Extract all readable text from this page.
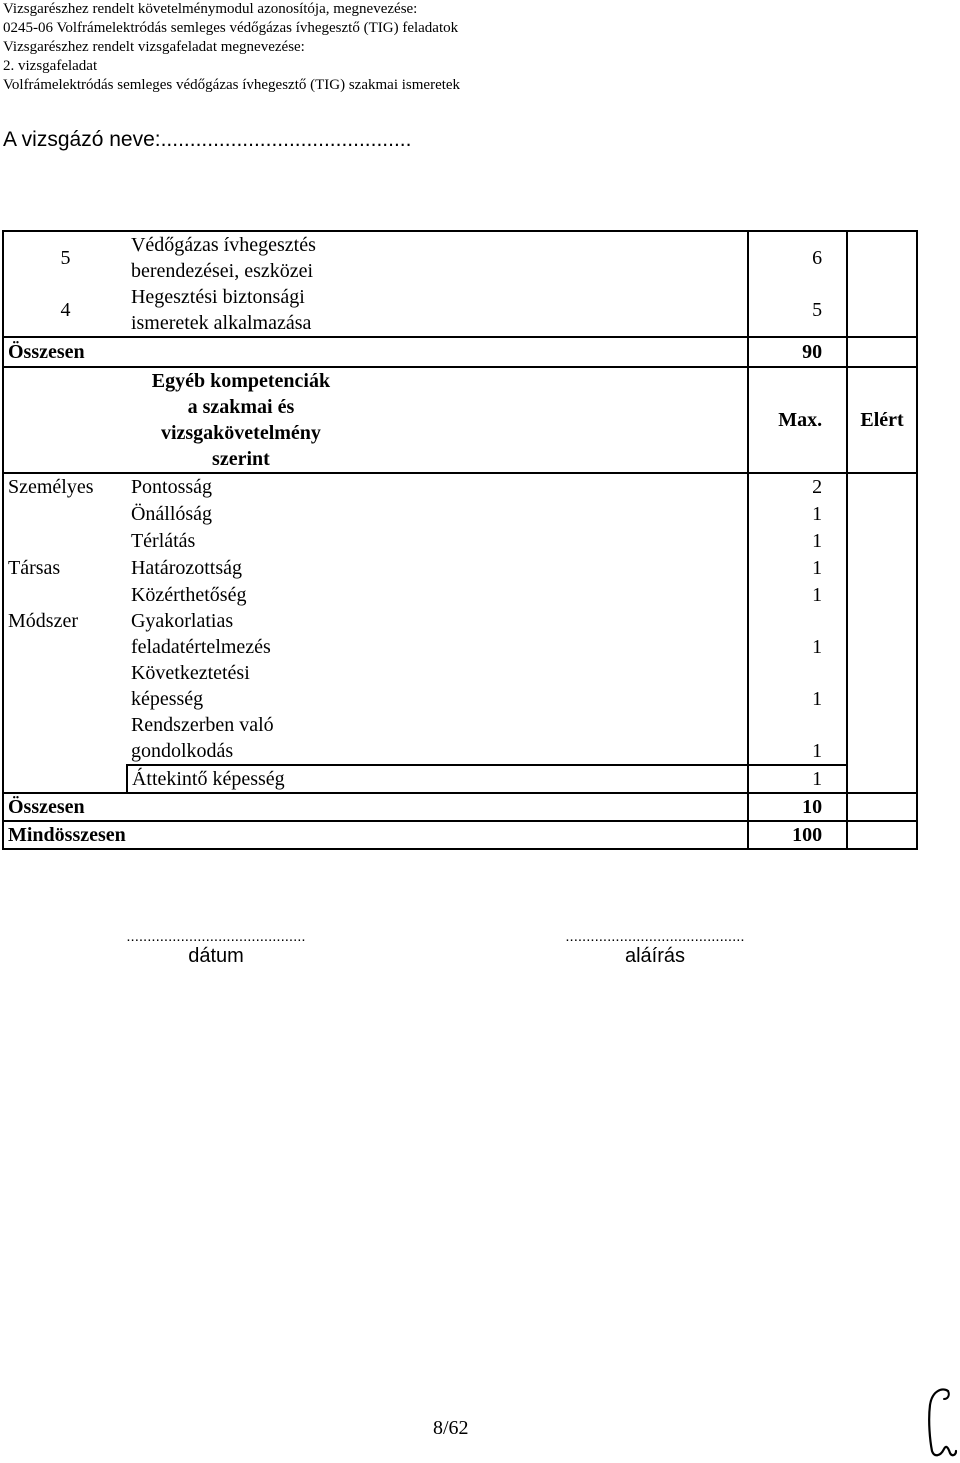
Vizsgarészhez rendelt követelménymodul azonosítója, megnevezése:
0245-06 Volfrámelektródás semleges védőgázas ívhegesztő (TIG) feladatok
Vizsgarészhez rendelt vizsgafeladat megnevezése:
2. vizsgafeladat
Volfrámelektródás semleges védőgázas ívhegesztő (TIG) szakmai ismeretek
A vizsgázó neve:...........................................
5	Védőgázas ívhegesztés
berendezései, eszközei	6	
4	Hegesztési biztonsági
ismeretek alkalmazása	5	
Összesen		90	

	Egyéb kompetenciák
a szakmai és
vizsgakövetelmény
szerint	Max.	Elért
Személyes	Pontosság	2	
	Önállóság	1	
	Térlátás	1	
Társas	Határozottság	1	
	Közérthetőség	1	
Módszer	Gyakorlatias
feladatértelmezés	1	

	Következtetési
képesség	1	

	Rendszerben való
gondolkodás	1	
	Áttekintő képesség	1	
Összesen		10	
Mindösszesen		100	
...........................................
dátum
...........................................
aláírás
8/62
